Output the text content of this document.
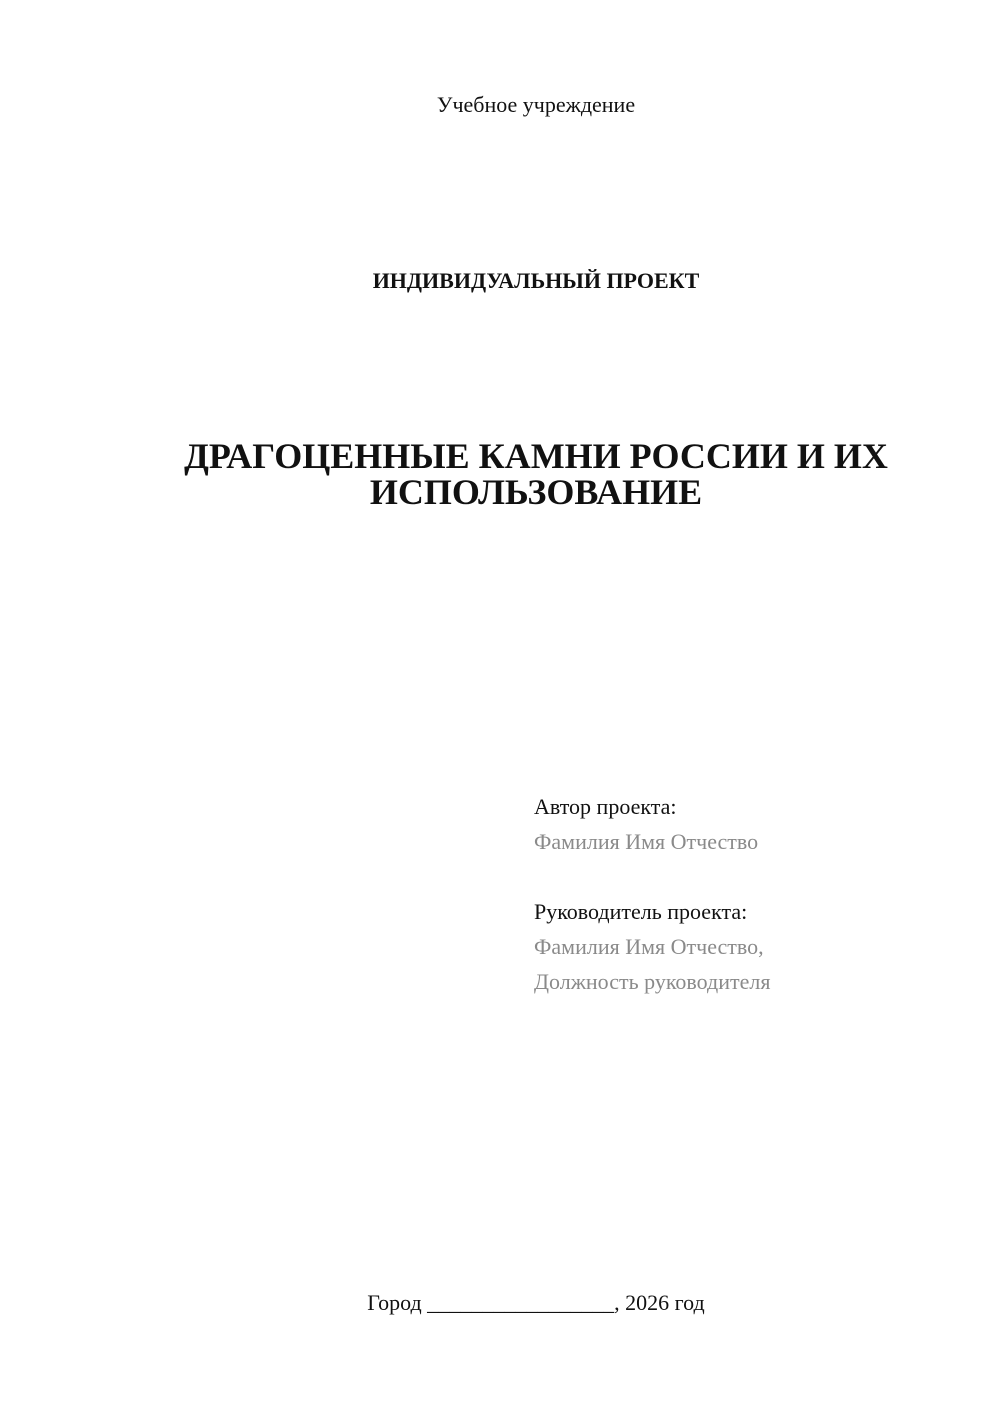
Учебное учреждение
ИНДИВИДУАЛЬНЫЙ ПРОЕКТ
ДРАГОЦЕННЫЕ КАМНИ РОССИИ И ИХ
ИСПОЛЬЗОВАНИЕ
Автор проекта:
Фамилия Имя Отчество
Руководитель проекта:
Фамилия Имя Отчество,
Должность руководителя
Город _________________, 2026 год
